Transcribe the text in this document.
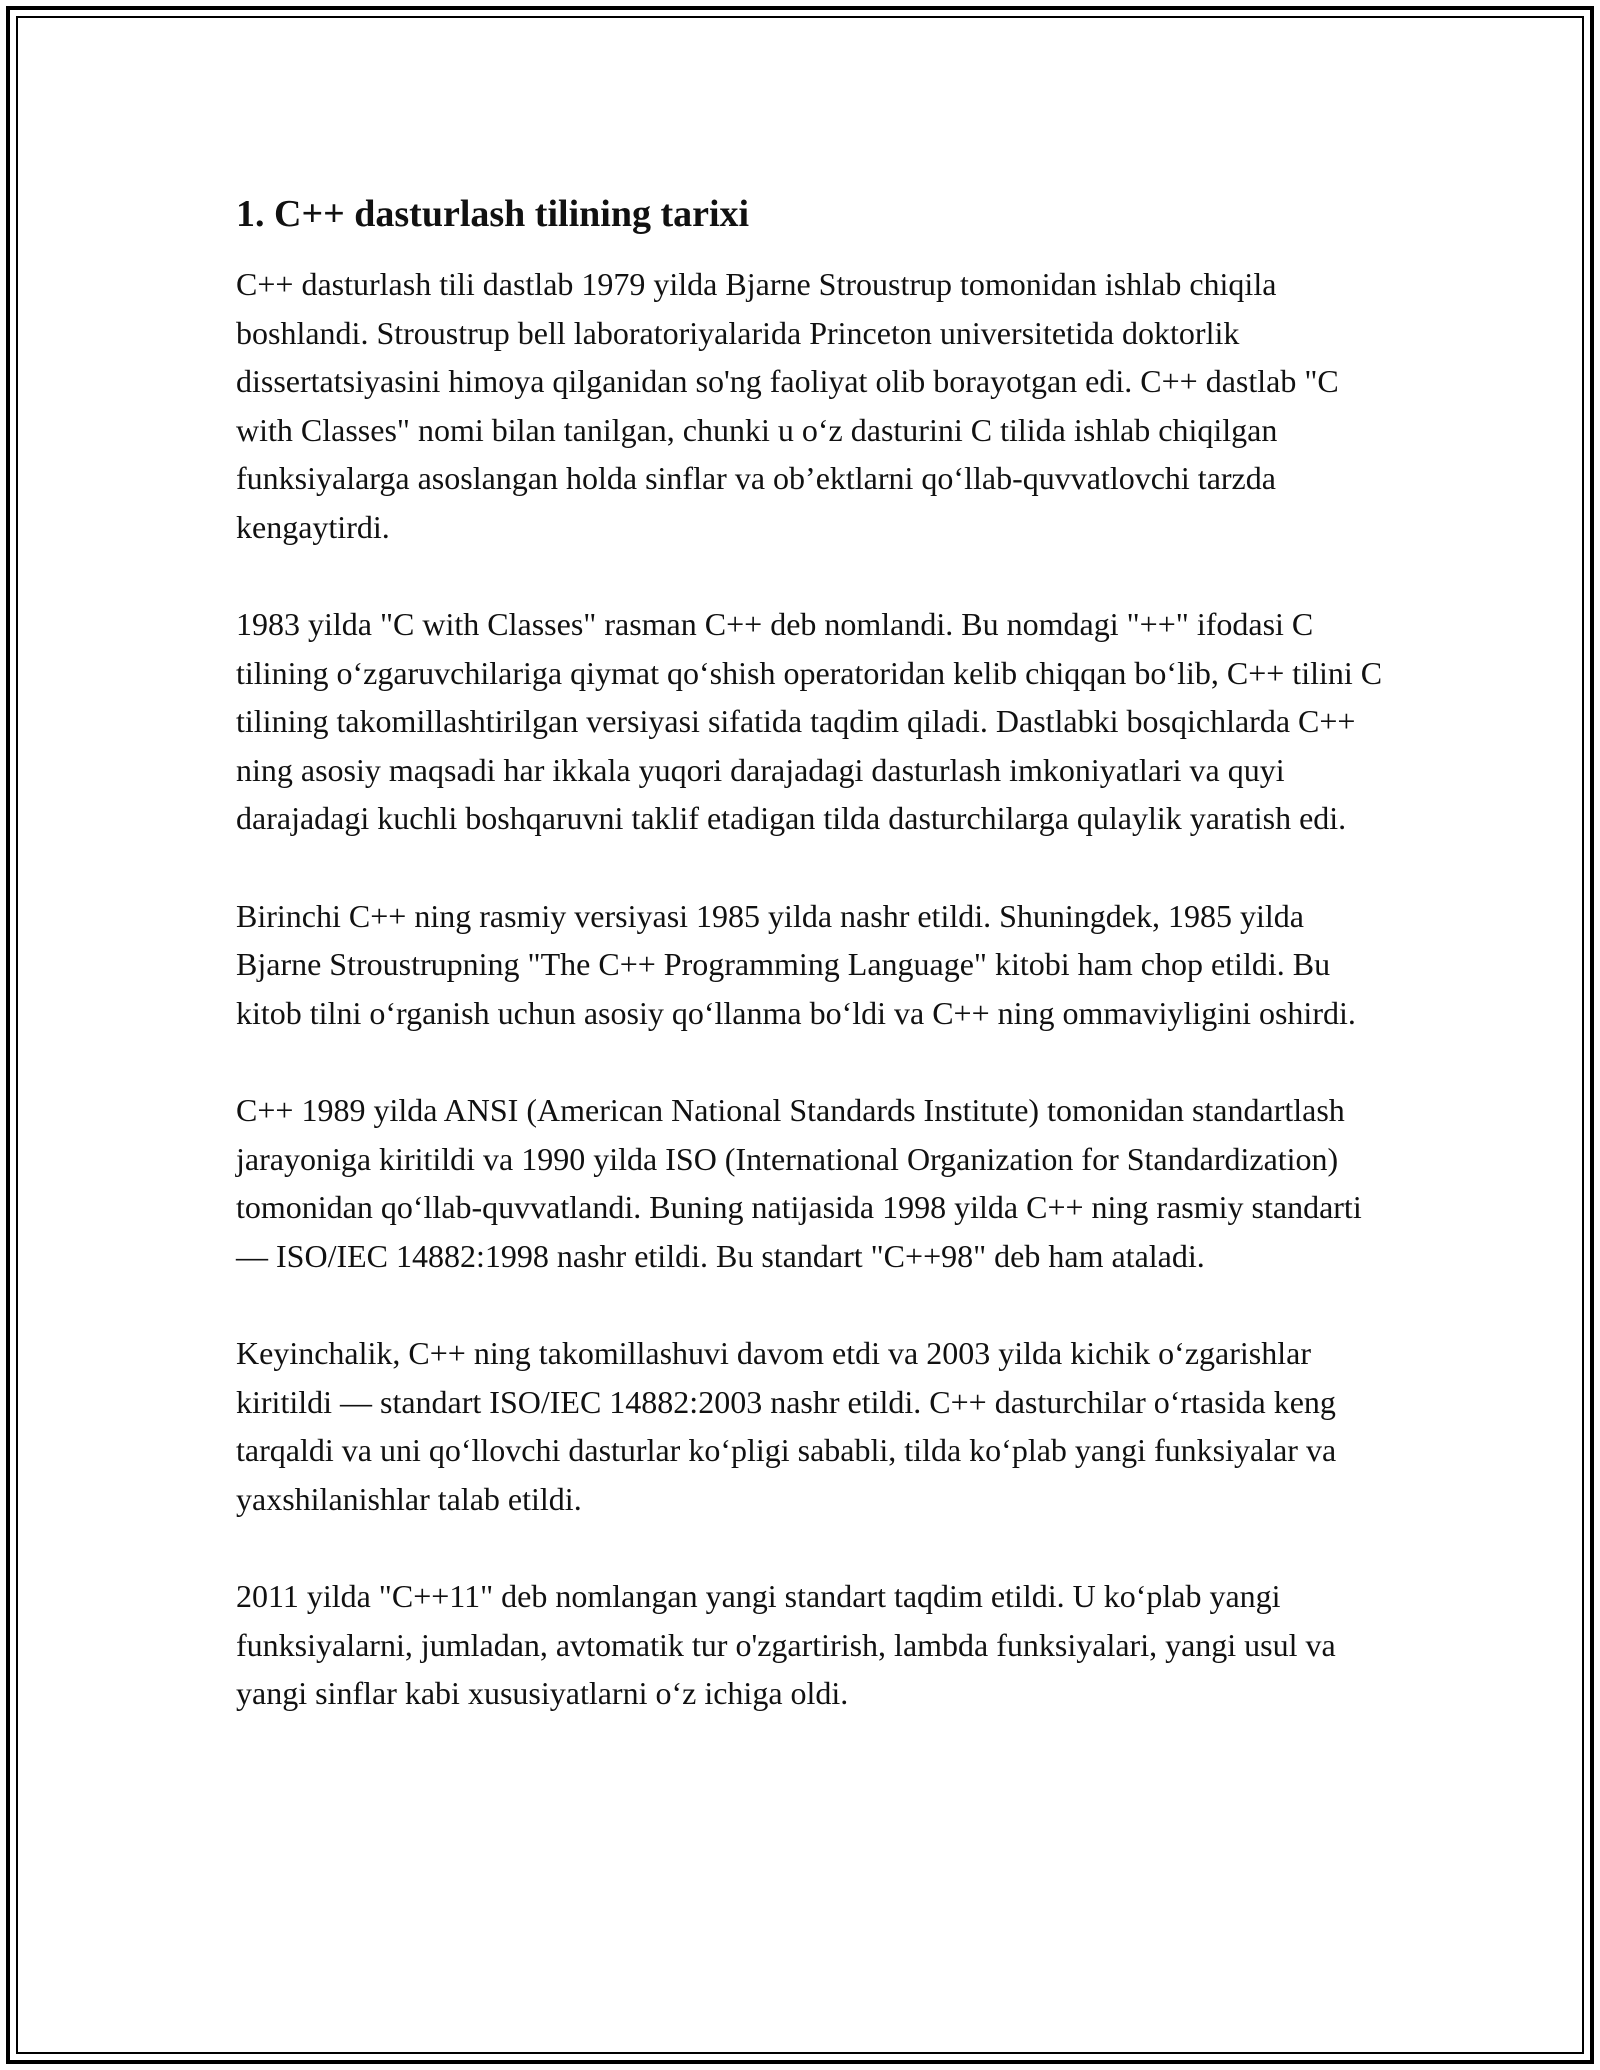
1. C++ dasturlash tilining tarixi

C++ dasturlash tili dastlab 1979 yilda Bjarne Stroustrup tomonidan ishlab chiqila boshlandi. Stroustrup bell laboratoriyalarida Princeton universitetida doktorlik dissertatsiyasini himoya qilganidan so'ng faoliyat olib borayotgan edi. C++ dastlab "C with Classes" nomi bilan tanilgan, chunki u o‘z dasturini C tilida ishlab chiqilgan funksiyalarga asoslangan holda sinflar va ob’ektlarni qo‘llab-quvvatlovchi tarzda kengaytirdi.

1983 yilda "C with Classes" rasman C++ deb nomlandi. Bu nomdagi "++" ifodasi C tilining o‘zgaruvchilariga qiymat qo‘shish operatoridan kelib chiqqan bo‘lib, C++ tilini C tilining takomillashtirilgan versiyasi sifatida taqdim qiladi. Dastlabki bosqichlarda C++ ning asosiy maqsadi har ikkala yuqori darajadagi dasturlash imkoniyatlari va quyi darajadagi kuchli boshqaruvni taklif etadigan tilda dasturchilarga qulaylik yaratish edi.

Birinchi C++ ning rasmiy versiyasi 1985 yilda nashr etildi. Shuningdek, 1985 yilda Bjarne Stroustrupning "The C++ Programming Language" kitobi ham chop etildi. Bu kitob tilni o‘rganish uchun asosiy qo‘llanma bo‘ldi va C++ ning ommaviyligini oshirdi.

C++ 1989 yilda ANSI (American National Standards Institute) tomonidan standartlash jarayoniga kiritildi va 1990 yilda ISO (International Organization for Standardization) tomonidan qo‘llab-quvvatlandi. Buning natijasida 1998 yilda C++ ning rasmiy standarti — ISO/IEC 14882:1998 nashr etildi. Bu standart "C++98" deb ham ataladi.

Keyinchalik, C++ ning takomillashuvi davom etdi va 2003 yilda kichik o‘zgarishlar kiritildi — standart ISO/IEC 14882:2003 nashr etildi. C++ dasturchilar o‘rtasida keng tarqaldi va uni qo‘llovchi dasturlar ko‘pligi sababli, tilda ko‘plab yangi funksiyalar va yaxshilanishlar talab etildi.

2011 yilda "C++11" deb nomlangan yangi standart taqdim etildi. U ko‘plab yangi funksiyalarni, jumladan, avtomatik tur o'zgartirish, lambda funksiyalari, yangi usul va yangi sinflar kabi xususiyatlarni o‘z ichiga oldi.
